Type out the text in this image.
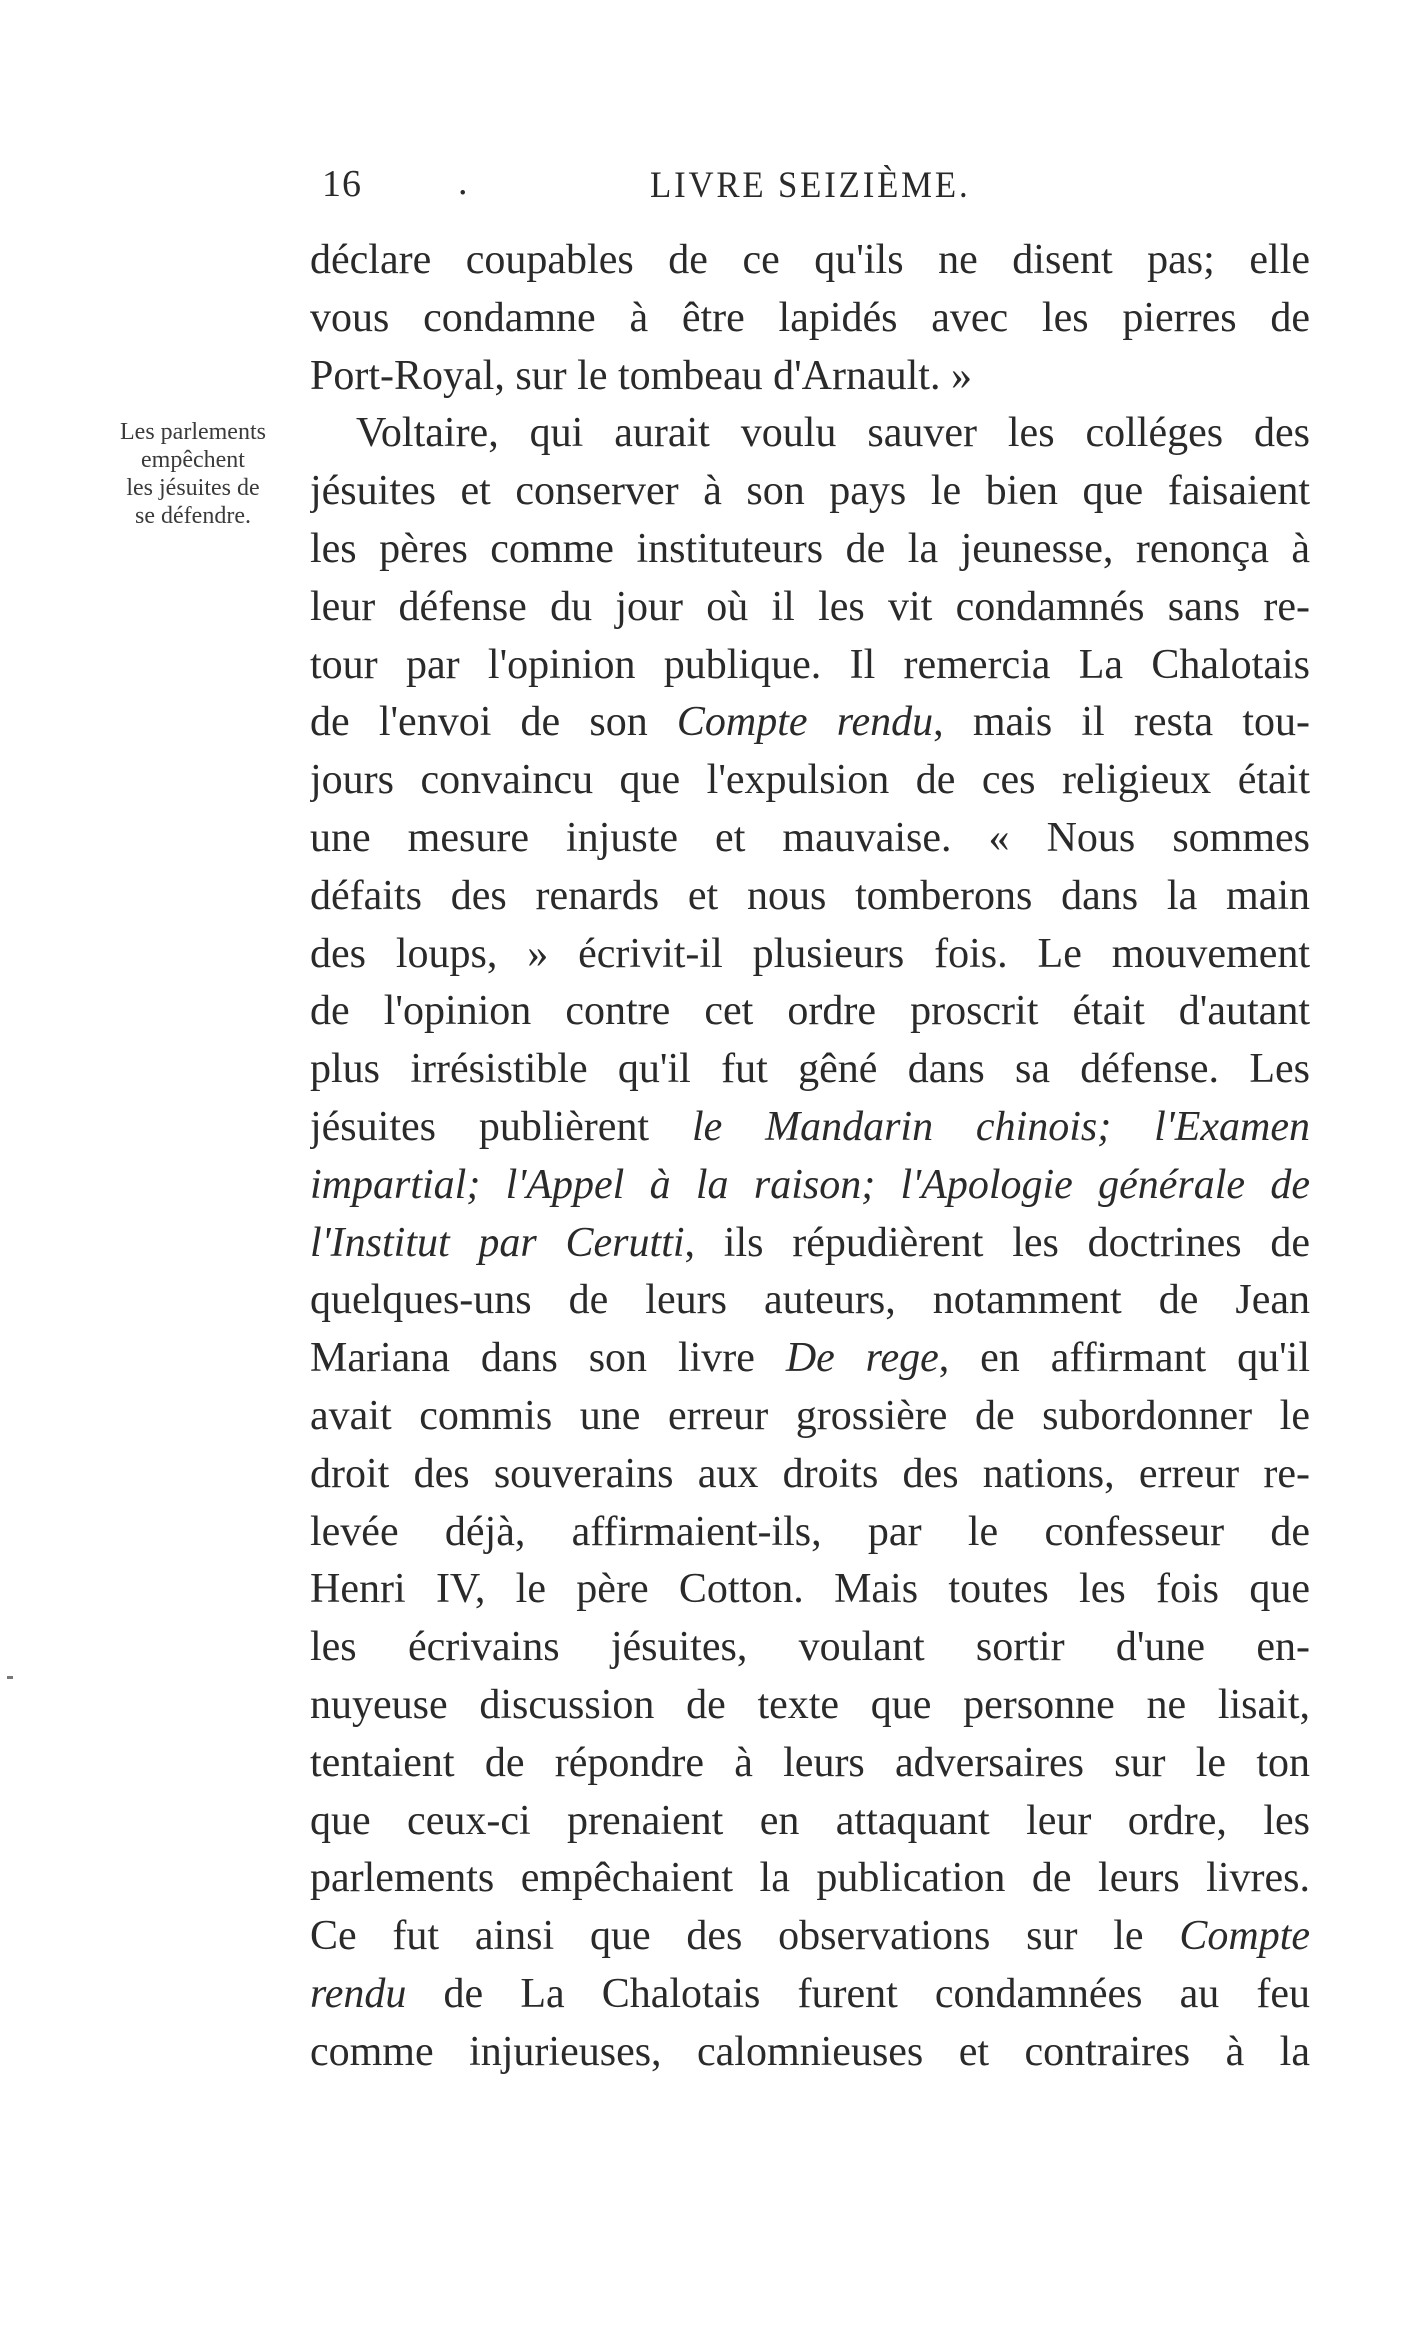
16	.	LIVRE SEIZIÈME.
Les parlements
empêchent
les jésuites de
se défendre.
déclare coupables de ce qu'ils ne disent pas; elle
vous condamne à être lapidés avec les pierres de
Port-Royal, sur le tombeau d'Arnault. »
Voltaire, qui aurait voulu sauver les colléges des
jésuites et conserver à son pays le bien que faisaient
les pères comme instituteurs de la jeunesse, renonça à
leur défense du jour où il les vit condamnés sans re-
tour par l'opinion publique. Il remercia La Chalotais
de l'envoi de son Compte rendu, mais il resta tou-
jours convaincu que l'expulsion de ces religieux était
une mesure injuste et mauvaise. « Nous sommes
défaits des renards et nous tomberons dans la main
des loups, » écrivit-il plusieurs fois. Le mouvement
de l'opinion contre cet ordre proscrit était d'autant
plus irrésistible qu'il fut gêné dans sa défense. Les
jésuites publièrent le Mandarin chinois; l'Examen
impartial; l'Appel à la raison; l'Apologie générale de
l'Institut par Cerutti, ils répudièrent les doctrines de
quelques-uns de leurs auteurs, notamment de Jean
Mariana dans son livre De rege, en affirmant qu'il
avait commis une erreur grossière de subordonner le
droit des souverains aux droits des nations, erreur re-
levée déjà, affirmaient-ils, par le confesseur de
Henri IV, le père Cotton. Mais toutes les fois que
les écrivains jésuites, voulant sortir d'une en-
nuyeuse discussion de texte que personne ne lisait,
tentaient de répondre à leurs adversaires sur le ton
que ceux-ci prenaient en attaquant leur ordre, les
parlements empêchaient la publication de leurs livres.
Ce fut ainsi que des observations sur le Compte
rendu de La Chalotais furent condamnées au feu
comme injurieuses, calomnieuses et contraires à la
